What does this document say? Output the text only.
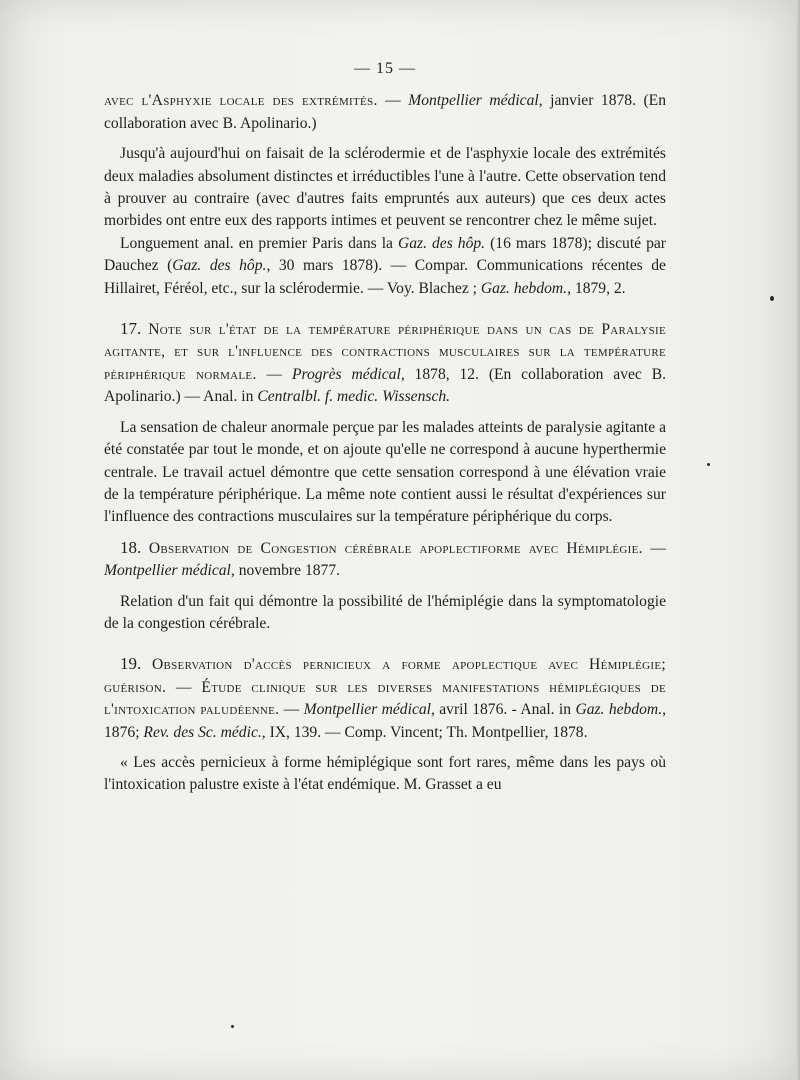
— 15 —

avec l'Asphyxie locale des extrémités. — Montpellier médical, janvier 1878. (En collaboration avec B. Apolinario.)

Jusqu'à aujourd'hui on faisait de la sclérodermie et de l'asphyxie locale des extrémités deux maladies absolument distinctes et irréductibles l'une à l'autre. Cette observation tend à prouver au contraire (avec d'autres faits empruntés aux auteurs) que ces deux actes morbides ont entre eux des rapports intimes et peuvent se rencontrer chez le même sujet.

Longuement anal. en premier Paris dans la Gaz. des hôp. (16 mars 1878); discuté par Dauchez (Gaz. des hôp., 30 mars 1878). — Compar. Communications récentes de Hillairet, Féréol, etc., sur la sclérodermie. — Voy. Blachez ; Gaz. hebdom., 1879, 2.

17. Note sur l'état de la température périphérique dans un cas de Paralysie agitante, et sur l'influence des contractions musculaires sur la température périphérique normale. — Progrès médical, 1878, 12. (En collaboration avec B. Apolinario.) — Anal. in Centralbl. f. medic. Wissensch.

La sensation de chaleur anormale perçue par les malades atteints de paralysie agitante a été constatée par tout le monde, et on ajoute qu'elle ne correspond à aucune hyperthermie centrale. Le travail actuel démontre que cette sensation correspond à une élévation vraie de la température périphérique. La même note contient aussi le résultat d'expériences sur l'influence des contractions musculaires sur la température périphérique du corps.

18. Observation de Congestion cérébrale apoplectiforme avec Hémiplégie. — Montpellier médical, novembre 1877.

Relation d'un fait qui démontre la possibilité de l'hémiplégie dans la symptomatologie de la congestion cérébrale.

19. Observation d'accès pernicieux a forme apoplectique avec Hémiplégie; guérison. — Étude clinique sur les diverses manifestations hémiplégiques de l'intoxication paludéenne. — Montpellier médical, avril 1876. - Anal. in Gaz. hebdom., 1876; Rev. des Sc. médic., IX, 139. — Comp. Vincent; Th. Montpellier, 1878.

« Les accès pernicieux à forme hémiplégique sont fort rares, même dans les pays où l'intoxication palustre existe à l'état endémique. M. Grasset a eu
